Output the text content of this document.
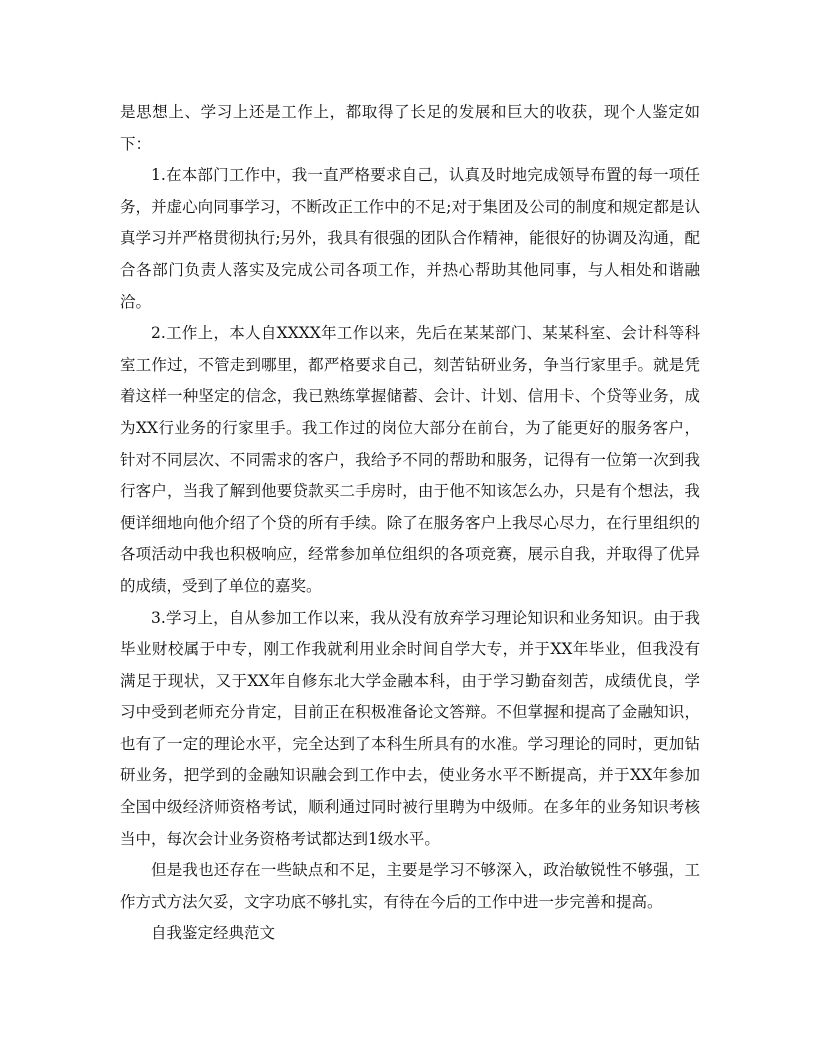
是思想上、学习上还是工作上，都取得了长足的发展和巨大的收获，现个人鉴定如下：

1.在本部门工作中，我一直严格要求自己，认真及时地完成领导布置的每一项任务，并虚心向同事学习，不断改正工作中的不足;对于集团及公司的制度和规定都是认真学习并严格贯彻执行;另外，我具有很强的团队合作精神，能很好的协调及沟通，配合各部门负责人落实及完成公司各项工作，并热心帮助其他同事，与人相处和谐融洽。

2.工作上，本人自XXXX年工作以来，先后在某某部门、某某科室、会计科等科室工作过，不管走到哪里，都严格要求自己，刻苦钻研业务，争当行家里手。就是凭着这样一种坚定的信念，我已熟练掌握储蓄、会计、计划、信用卡、个贷等业务，成为XX行业务的行家里手。我工作过的岗位大部分在前台，为了能更好的服务客户，针对不同层次、不同需求的客户，我给予不同的帮助和服务，记得有一位第一次到我行客户，当我了解到他要贷款买二手房时，由于他不知该怎么办，只是有个想法，我便详细地向他介绍了个贷的所有手续。除了在服务客户上我尽心尽力，在行里组织的各项活动中我也积极响应，经常参加单位组织的各项竞赛，展示自我，并取得了优异的成绩，受到了单位的嘉奖。

3.学习上，自从参加工作以来，我从没有放弃学习理论知识和业务知识。由于我毕业财校属于中专，刚工作我就利用业余时间自学大专，并于XX年毕业，但我没有满足于现状，又于XX年自修东北大学金融本科，由于学习勤奋刻苦，成绩优良，学习中受到老师充分肯定，目前正在积极准备论文答辩。不但掌握和提高了金融知识，也有了一定的理论水平，完全达到了本科生所具有的水准。学习理论的同时，更加钻研业务，把学到的金融知识融会到工作中去，使业务水平不断提高，并于XX年参加全国中级经济师资格考试，顺利通过同时被行里聘为中级师。在多年的业务知识考核当中，每次会计业务资格考试都达到1级水平。

但是我也还存在一些缺点和不足，主要是学习不够深入，政治敏锐性不够强，工作方式方法欠妥，文字功底不够扎实，有待在今后的工作中进一步完善和提高。

自我鉴定经典范文
